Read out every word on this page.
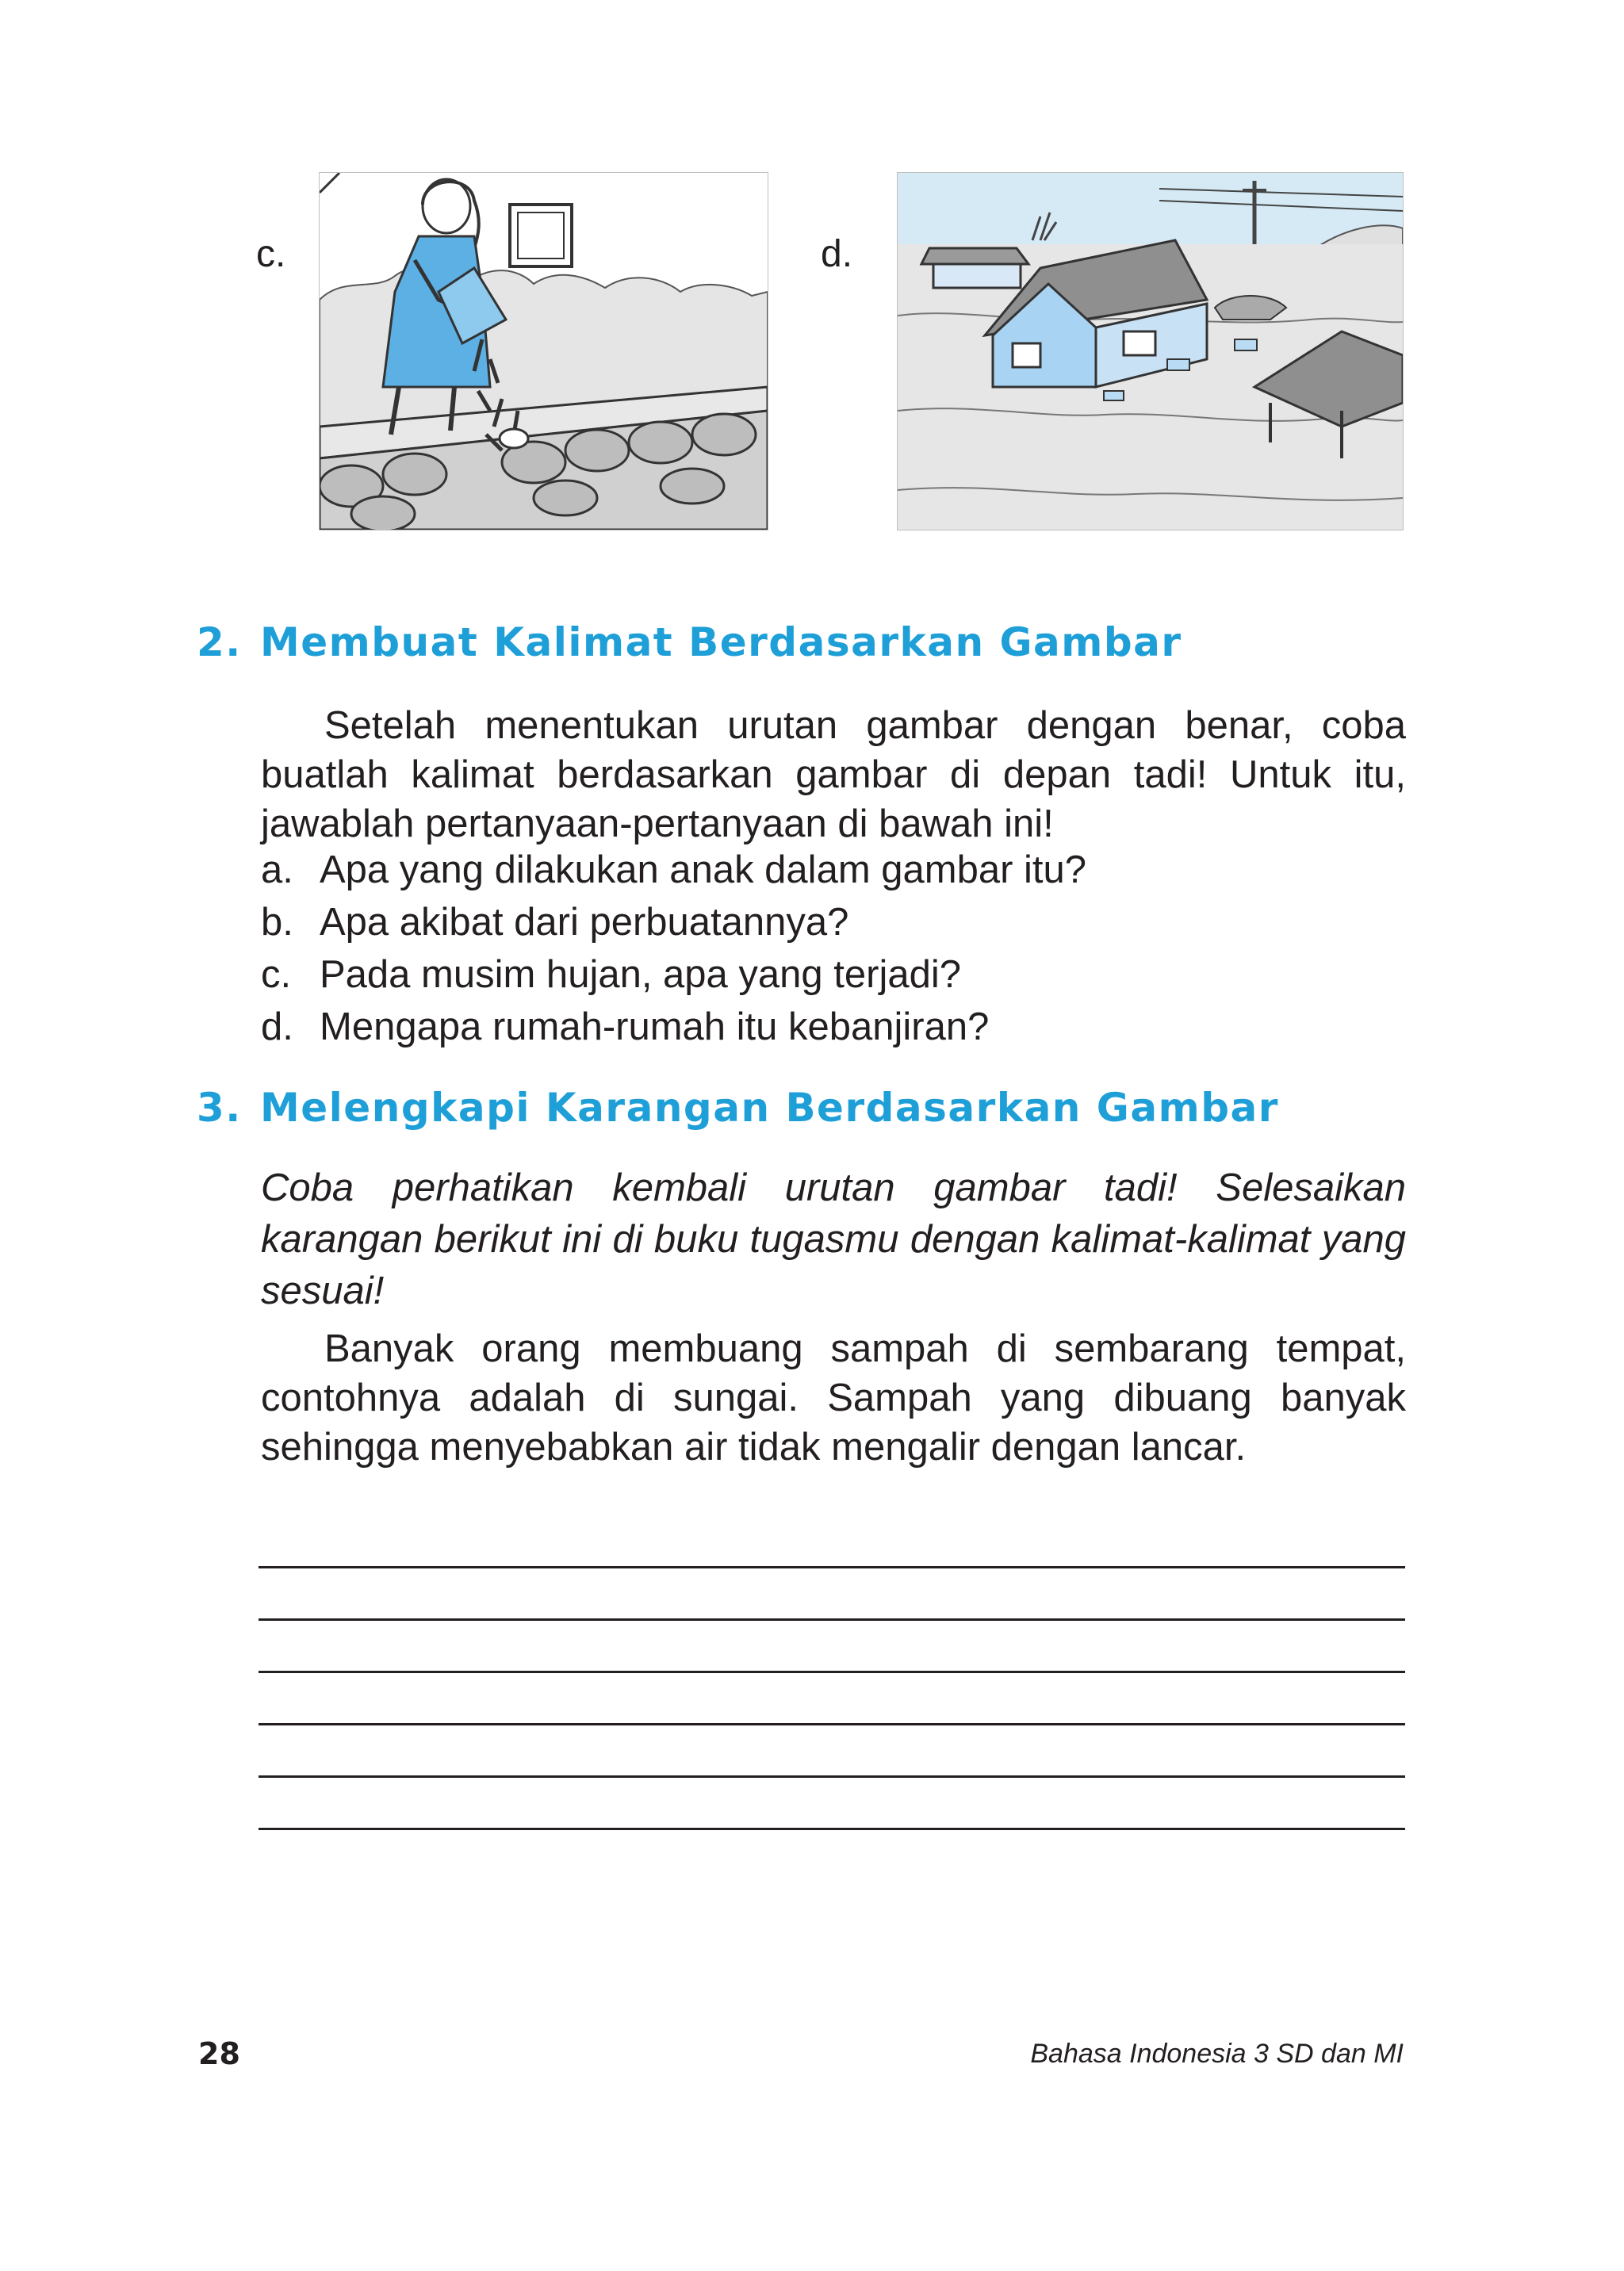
c.	d.
2. Membuat Kalimat Berdasarkan Gambar

Setelah menentukan urutan gambar dengan benar, coba buatlah kalimat berdasarkan gambar di depan tadi! Untuk itu, jawablah pertanyaan-pertanyaan di bawah ini!

a. Apa yang dilakukan anak dalam gambar itu?
b. Apa akibat dari perbuatannya?
c. Pada musim hujan, apa yang terjadi?
d. Mengapa rumah-rumah itu kebanjiran?
3. Melengkapi Karangan Berdasarkan Gambar

Coba perhatikan kembali urutan gambar tadi! Selesaikan karangan berikut ini di buku tugasmu dengan kalimat-kalimat yang sesuai!

Banyak orang membuang sampah di sembarang tempat, contohnya adalah di sungai. Sampah yang dibuang banyak sehingga menyebabkan air tidak mengalir dengan lancar.

28	Bahasa Indonesia 3 SD dan MI
